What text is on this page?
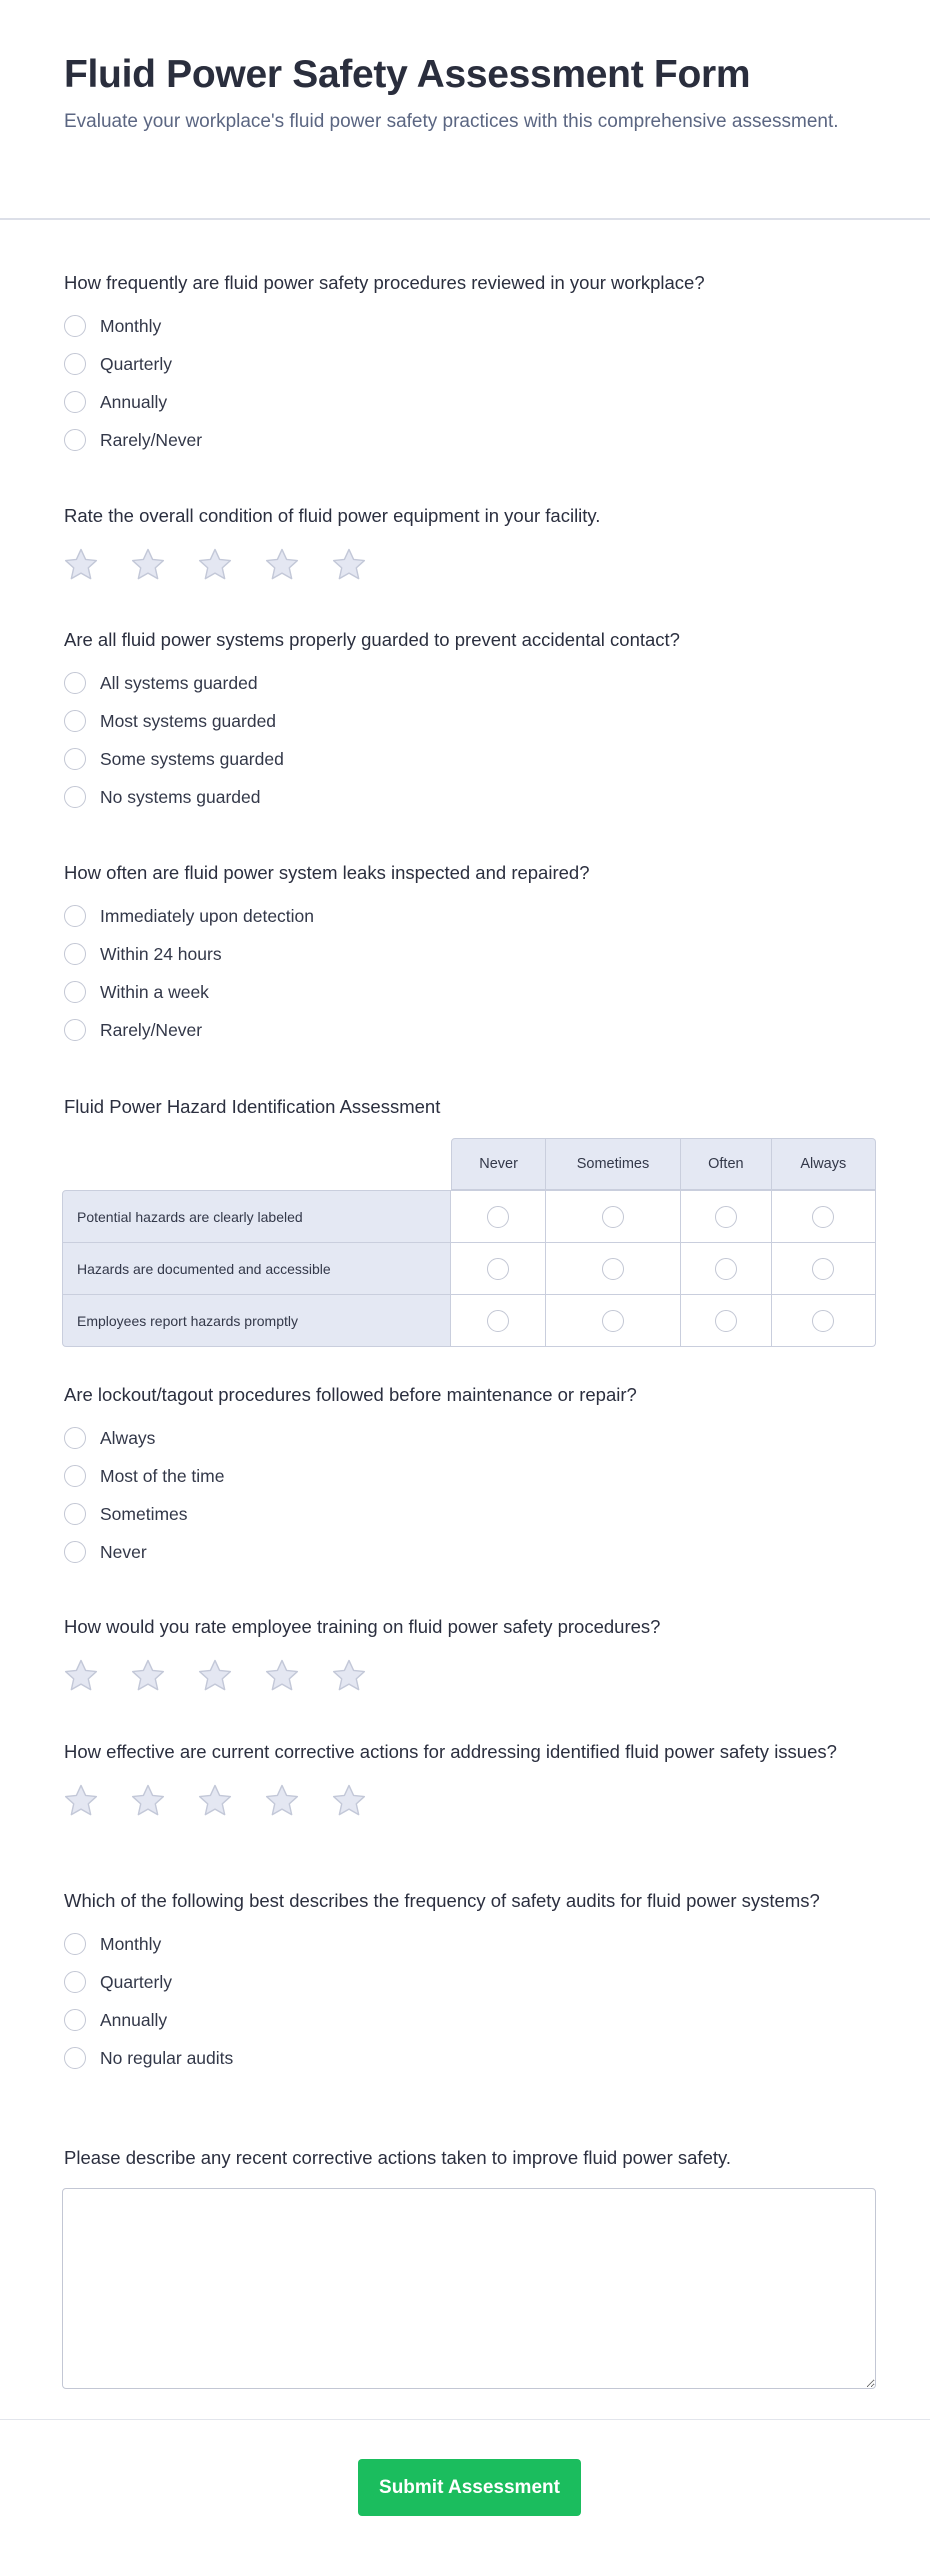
Fluid Power Safety Assessment Form
Evaluate your workplace's fluid power safety practices with this comprehensive assessment.
How frequently are fluid power safety procedures reviewed in your workplace?
Monthly
Quarterly
Annually
Rarely/Never
Rate the overall condition of fluid power equipment in your facility.
Are all fluid power systems properly guarded to prevent accidental contact?
All systems guarded
Most systems guarded
Some systems guarded
No systems guarded
How often are fluid power system leaks inspected and repaired?
Immediately upon detection
Within 24 hours
Within a week
Rarely/Never
Fluid Power Hazard Identification Assessment
	Never	Sometimes	Often	Always
Potential hazards are clearly labeled				
Hazards are documented and accessible				
Employees report hazards promptly				
Are lockout/tagout procedures followed before maintenance or repair?
Always
Most of the time
Sometimes
Never
How would you rate employee training on fluid power safety procedures?
How effective are current corrective actions for addressing identified fluid power safety issues?
Which of the following best describes the frequency of safety audits for fluid power systems?
Monthly
Quarterly
Annually
No regular audits
Please describe any recent corrective actions taken to improve fluid power safety.
Submit Assessment
